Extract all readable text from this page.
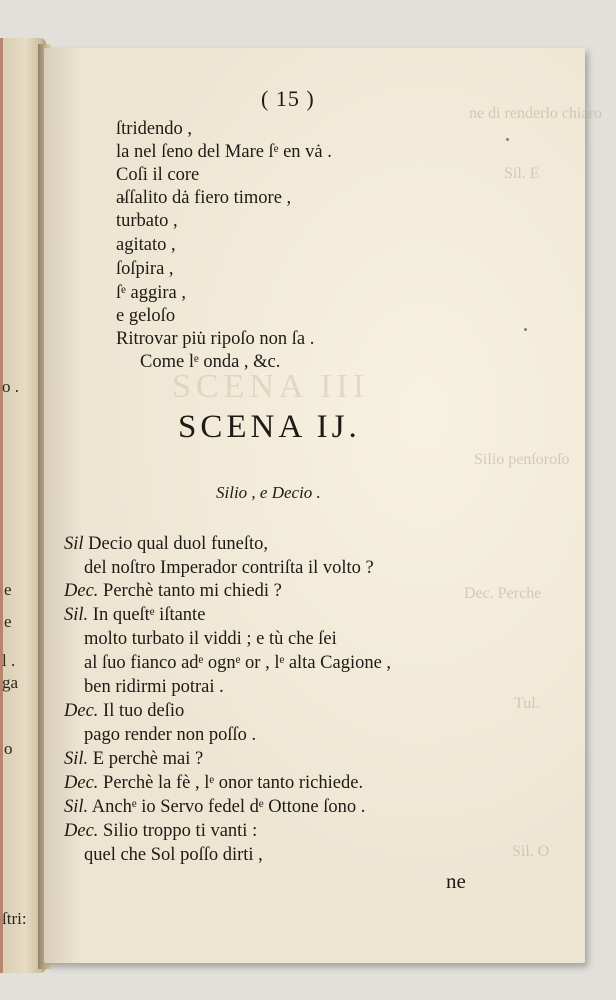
o .
e
e
l .
ga
o
ſtri:
SCENA III
ne di renderlo chiaro
Sil. E
Silio penſoroſo
Dec. Perche
Tul.
Sil. O
( 15 )
ſtridendo ,
la nel ſeno del Mare ſᵉ en vȧ .
Coſi il core
aſſalito dȧ fiero timore ,
turbato ,
agitato ,
ſoſpira ,
ſᵉ aggira ,
e geloſo
Ritrovar piu̇ ripoſo non ſa .
Come lᵉ onda , &c.
SCENA IJ.
Silio , e Decio .
Sil Decio qual duol funeſto,
del noſtro Imperador contriſta il volto ?
Dec. Perchè tanto mi chiedi ?
Sil. In queſtᵉ iſtante
molto turbato il viddi ; e tù che ſei
al ſuo fianco adᵉ ognᵉ or , lᵉ alta Cagione ,
ben ridirmi potrai .
Dec. Il tuo deſio
pago render non poſſo .
Sil. E perchè mai ?
Dec. Perchè la fè , lᵉ onor tanto richiede.
Sil. Anchᵉ io Servo fedel dᵉ Ottone ſono .
Dec. Silio troppo ti vanti :
quel che Sol poſſo dirti ,
ne
